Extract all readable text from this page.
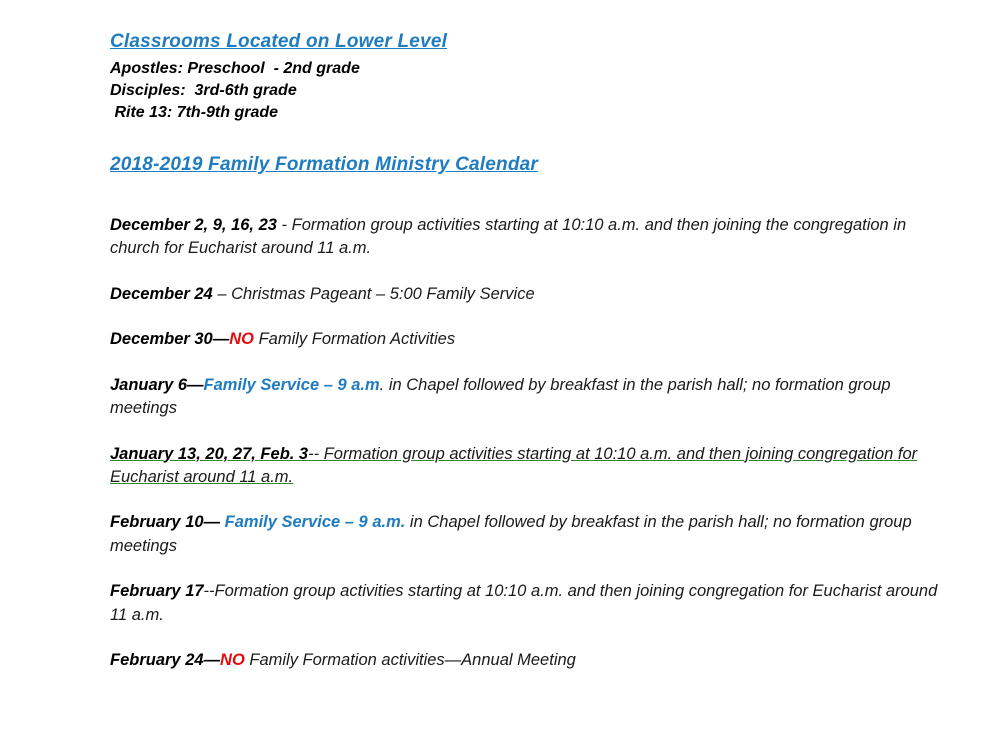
Classrooms Located on Lower Level
Apostles: Preschool  - 2nd grade
Disciples:  3rd-6th grade
Rite 13: 7th-9th grade
2018-2019 Family Formation Ministry Calendar

December 2, 9, 16, 23 - Formation group activities starting at 10:10 a.m. and then joining the congregation in church for Eucharist around 11 a.m.

December 24 – Christmas Pageant – 5:00 Family Service

December 30—NO Family Formation Activities

January 6—Family Service – 9 a.m. in Chapel followed by breakfast in the parish hall; no formation group meetings

January 13, 20, 27, Feb. 3-- Formation group activities starting at 10:10 a.m. and then joining congregation for Eucharist around 11 a.m.

February 10— Family Service – 9 a.m. in Chapel followed by breakfast in the parish hall; no formation group meetings

February 17--Formation group activities starting at 10:10 a.m. and then joining congregation for Eucharist around 11 a.m.

February 24—NO Family Formation activities—Annual Meeting
